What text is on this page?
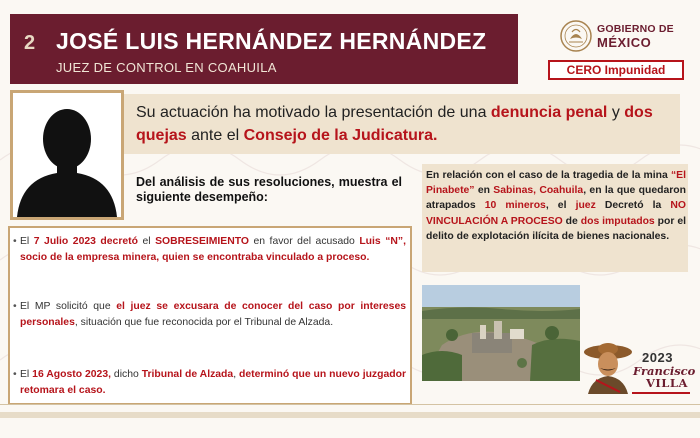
2 JOSÉ LUIS HERNÁNDEZ HERNÁNDEZ
JUEZ DE CONTROL EN COAHUILA
GOBIERNO DE
MÉXICO
CERO Impunidad
Su actuación ha motivado la presentación de una denuncia penal y dos quejas ante el Consejo de la Judicatura.
Del análisis de sus resoluciones, muestra el siguiente desempeño:
En relación con el caso de la tragedia de la mina “El Pinabete” en Sabinas, Coahuila, en la que quedaron atrapados 10 mineros, el juez Decretó la NO VINCULACIÓN A PROCESO de dos imputados por el delito de explotación ilícita de bienes nacionales.
• El 7 Julio 2023 decretó el SOBRESEIMIENTO en favor del acusado Luis “N”, socio de la empresa minera, quien se encontraba vinculado a proceso.
• El MP solicitó que el juez se excusara de conocer del caso por intereses personales, situación que fue reconocida por el Tribunal de Alzada.
• El 16 Agosto 2023, dicho Tribunal de Alzada, determinó que un nuevo juzgador retomara el caso.
2023
Francisco
VILLA
